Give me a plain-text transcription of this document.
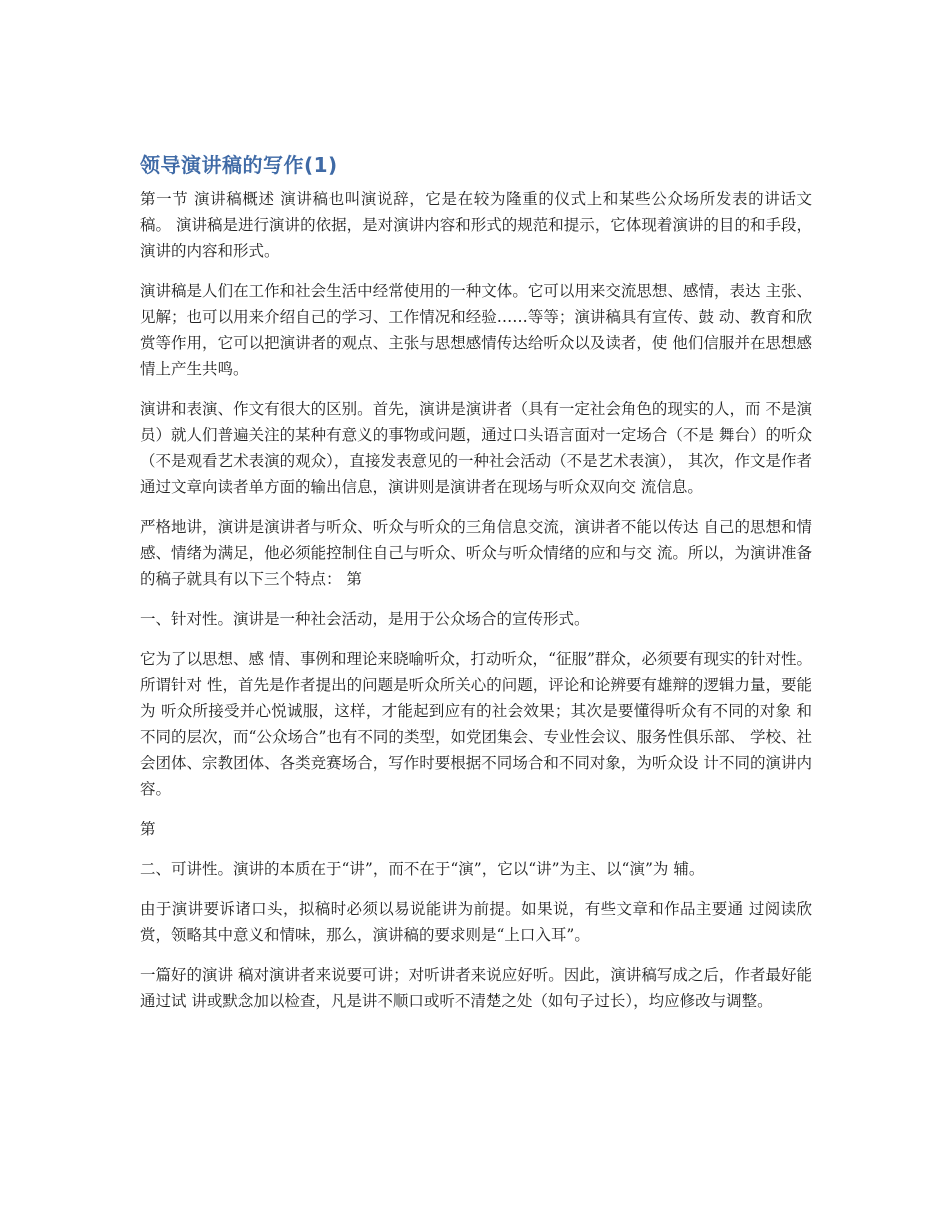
领导演讲稿的写作(1)

第一节 演讲稿概述 演讲稿也叫演说辞，它是在较为隆重的仪式上和某些公众场所发表的讲话文稿。 演讲稿是进行演讲的依据，是对演讲内容和形式的规范和提示，它体现着演讲的目的和手段， 演讲的内容和形式。

演讲稿是人们在工作和社会生活中经常使用的一种文体。它可以用来交流思想、感情，表达 主张、见解；也可以用来介绍自己的学习、工作情况和经验……等等；演讲稿具有宣传、鼓 动、教育和欣赏等作用，它可以把演讲者的观点、主张与思想感情传达给听众以及读者，使 他们信服并在思想感情上产生共鸣。

演讲和表演、作文有很大的区别。首先，演讲是演讲者（具有一定社会角色的现实的人，而 不是演员）就人们普遍关注的某种有意义的事物或问题，通过口头语言面对一定场合（不是 舞台）的听众（不是观看艺术表演的观众），直接发表意见的一种社会活动（不是艺术表演）， 其次，作文是作者通过文章向读者单方面的输出信息，演讲则是演讲者在现场与听众双向交 流信息。

严格地讲，演讲是演讲者与听众、听众与听众的三角信息交流，演讲者不能以传达 自己的思想和情感、情绪为满足，他必须能控制住自己与听众、听众与听众情绪的应和与交 流。所以，为演讲准备的稿子就具有以下三个特点： 第

一、针对性。演讲是一种社会活动，是用于公众场合的宣传形式。

它为了以思想、感 情、事例和理论来晓喻听众，打动听众，“征服”群众，必须要有现实的针对性。所谓针对 性，首先是作者提出的问题是听众所关心的问题，评论和论辨要有雄辩的逻辑力量，要能为 听众所接受并心悦诚服，这样，才能起到应有的社会效果；其次是要懂得听众有不同的对象 和不同的层次，而“公众场合”也有不同的类型，如党团集会、专业性会议、服务性俱乐部、 学校、社会团体、宗教团体、各类竞赛场合，写作时要根据不同场合和不同对象，为听众设 计不同的演讲内容。

第

二、可讲性。演讲的本质在于“讲”，而不在于“演”，它以“讲”为主、以“演”为 辅。

由于演讲要诉诸口头，拟稿时必须以易说能讲为前提。如果说，有些文章和作品主要通 过阅读欣赏，领略其中意义和情味，那么，演讲稿的要求则是“上口入耳”。

一篇好的演讲 稿对演讲者来说要可讲；对听讲者来说应好听。因此，演讲稿写成之后，作者最好能通过试 讲或默念加以检查，凡是讲不顺口或听不清楚之处（如句子过长），均应修改与调整。
